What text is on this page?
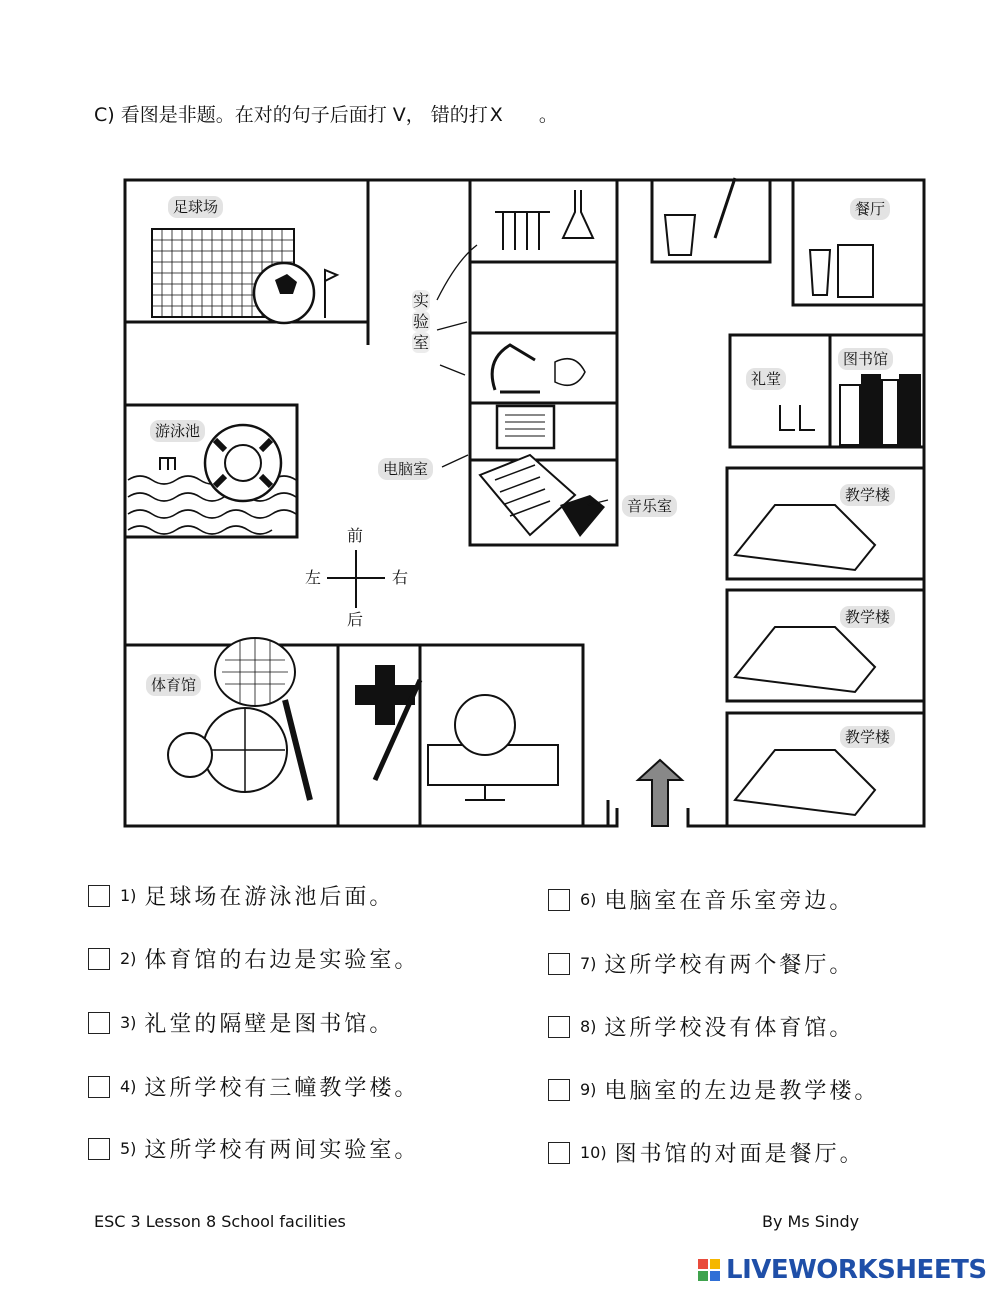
C) 看图是非题。在对的句子后面打 V， 错的打 X 。
足球场
游泳池
体育馆
实
验
室
电脑室
音乐室
餐厅
礼堂
图书馆
教学楼
教学楼
教学楼
前
后
左	右
1) 足球场在游泳池后面。
2) 体育馆的右边是实验室。
3) 礼堂的隔壁是图书馆。
4) 这所学校有三幢教学楼。
5) 这所学校有两间实验室。
6) 电脑室在音乐室旁边。
7) 这所学校有两个餐厅。
8) 这所学校没有体育馆。
9) 电脑室的左边是教学楼。
10) 图书馆的对面是餐厅。
ESC 3 Lesson 8 School facilities	By Ms Sindy
LIVEWORKSHEETS
